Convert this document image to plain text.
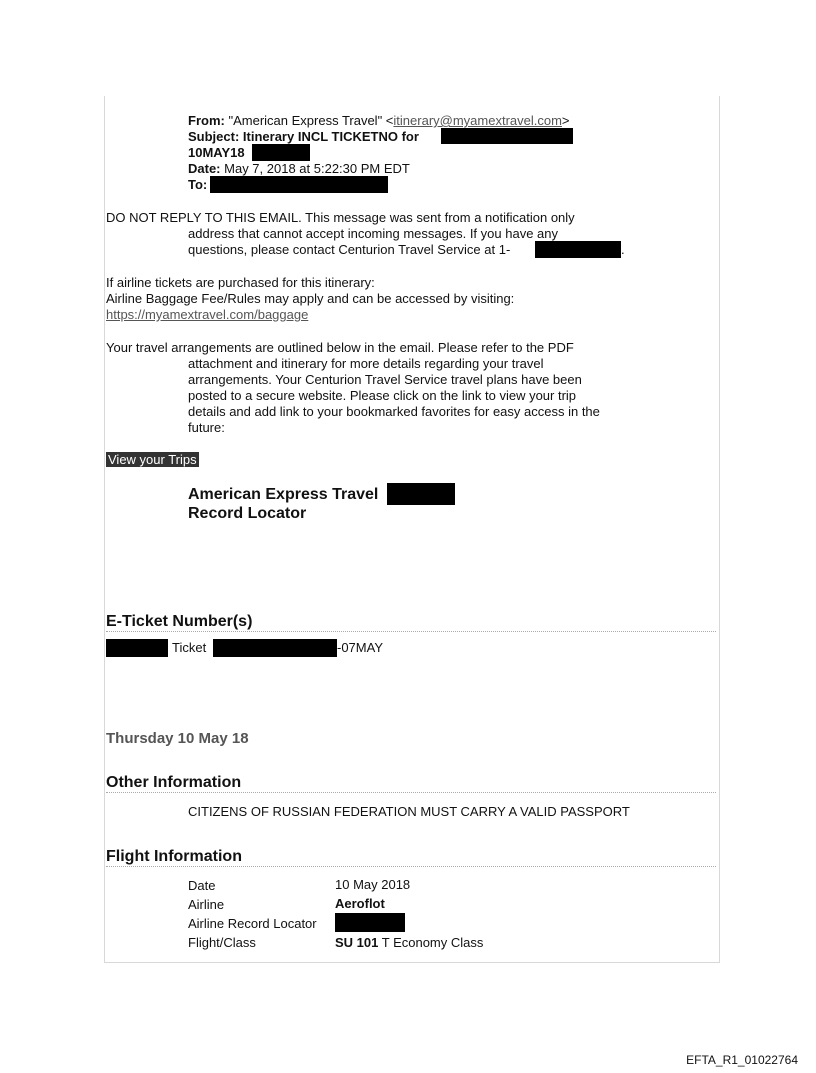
From: "American Express Travel" <itinerary@myamextravel.com>
Subject: Itinerary INCL TICKETNO for
10MAY18
Date: May 7, 2018 at 5:22:30 PM EDT
To:
DO NOT REPLY TO THIS EMAIL. This message was sent from a notification only
address that cannot accept incoming messages. If you have any
questions, please contact Centurion Travel Service at 1-	.
If airline tickets are purchased for this itinerary:
Airline Baggage Fee/Rules may apply and can be accessed by visiting:
https://myamextravel.com/baggage
Your travel arrangements are outlined below in the email. Please refer to the PDF
attachment and itinerary for more details regarding your travel
arrangements. Your Centurion Travel Service travel plans have been
posted to a secure website. Please click on the link to view your trip
details and add link to your bookmarked favorites for easy access in the
future:
View your Trips
American Express Travel
Record Locator
E-Ticket Number(s)
Ticket	-07MAY
Thursday 10 May 18
Other Information
CITIZENS OF RUSSIAN FEDERATION MUST CARRY A VALID PASSPORT
Flight Information
Date	10 May 2018
Airline	Aeroflot
Airline Record Locator
Flight/Class	SU 101 T Economy Class
EFTA_R1_01022764
